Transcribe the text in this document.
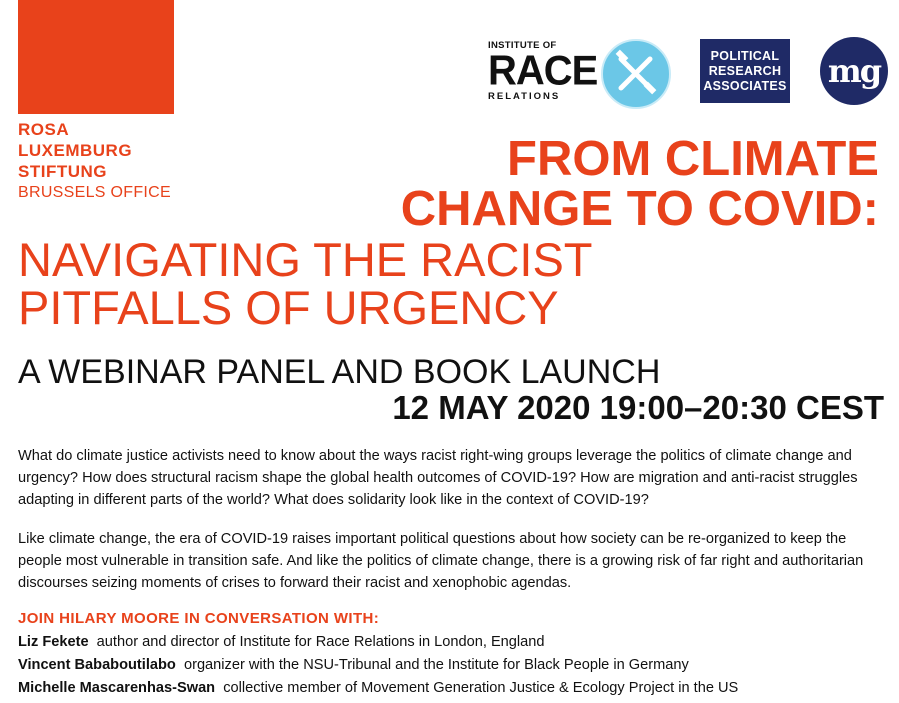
ROSA
LUXEMBURG
STIFTUNG
BRUSSELS OFFICE
INSTITUTE OF
RACE
RELATIONS
POLITICAL
RESEARCH
ASSOCIATES mg
FROM CLIMATE
CHANGE TO COVID:
NAVIGATING THE RACIST
PITFALLS OF URGENCY
A WEBINAR PANEL AND BOOK LAUNCH
12 MAY 2020 19:00–20:30 CEST
What do climate justice activists need to know about the ways racist right-wing groups leverage the politics of climate change and urgency? How does structural racism shape the global health outcomes of COVID-19? How are migration and anti-racist struggles adapting in different parts of the world? What does solidarity look like in the context of COVID-19?
Like climate change, the era of COVID-19 raises important political questions about how society can be re-organized to keep the people most vulnerable in transition safe. And like the politics of climate change, there is a growing risk of far right and authoritarian discourses seizing moments of crises to forward their racist and xenophobic agendas.
JOIN HILARY MOORE IN CONVERSATION WITH:
Liz Fekete author and director of Institute for Race Relations in London, England
Vincent Bababoutilabo organizer with the NSU-Tribunal and the Institute for Black People in Germany
Michelle Mascarenhas-Swan collective member of Movement Generation Justice & Ecology Project in the US
